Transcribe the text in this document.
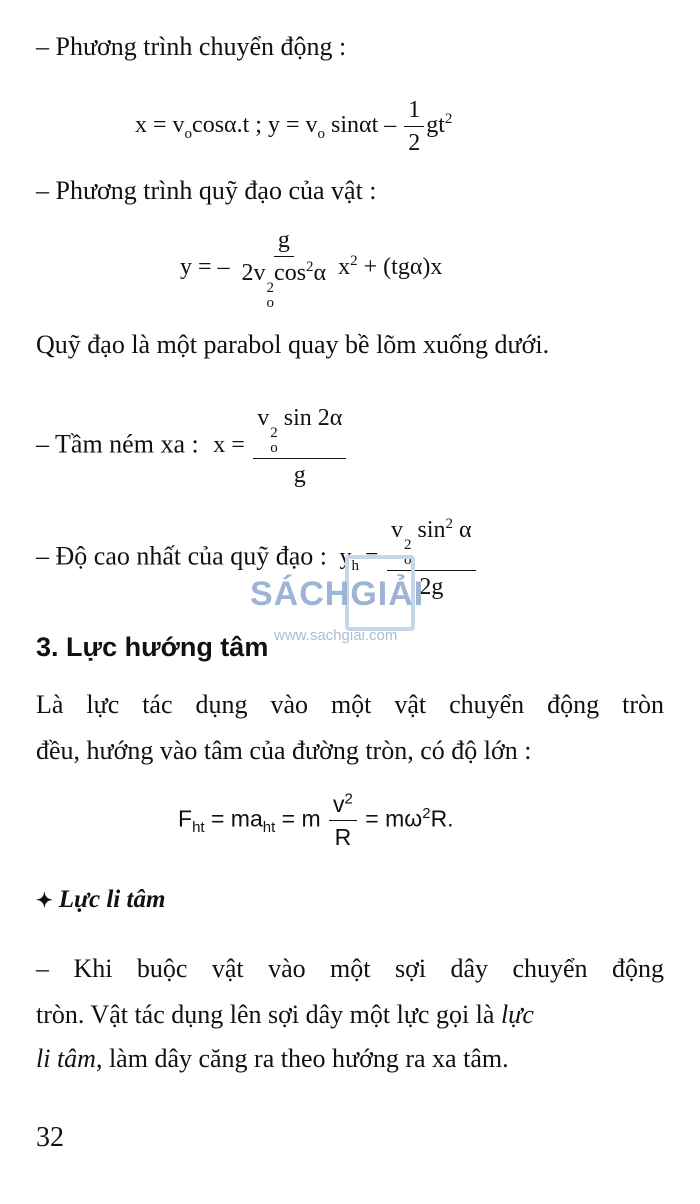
– Phương trình chuyển động :
$x = v_o\cos\alpha.t$ ; $y = v_o$ sinαt – $\frac{1}{2} gt^2$
– Phương trình quỹ đạo của vật :
y = – g
2v
2
o
$\cos^2\alpha$ $x^2 + (tg\alpha)x$
Quỹ đạo là một parabol quay bề lõm xuống dưới.
– Tầm ném xa : x = v
2
o
sin 2α
g
– Độ cao nhất của quỹ đạo : $y_h = v$
2
o
$\sin^2 \alpha$
2g
SÁCHGIẢI
www.sachgiai.com
3. Lực hướng tâm
Là lực tác dụng vào một vật chuyển động tròn
đều, hướng vào tâm của đường tròn, có độ lớn :
$F_{ht} = ma_{ht} = m \frac{v^2}{R} = m\omega^2R$.
✦ Lực li tâm
– Khi buộc vật vào một sợi dây chuyển động
tròn. Vật tác dụng lên sợi dây một lực gọi là lực
li tâm, làm dây căng ra theo hướng ra xa tâm.
32
